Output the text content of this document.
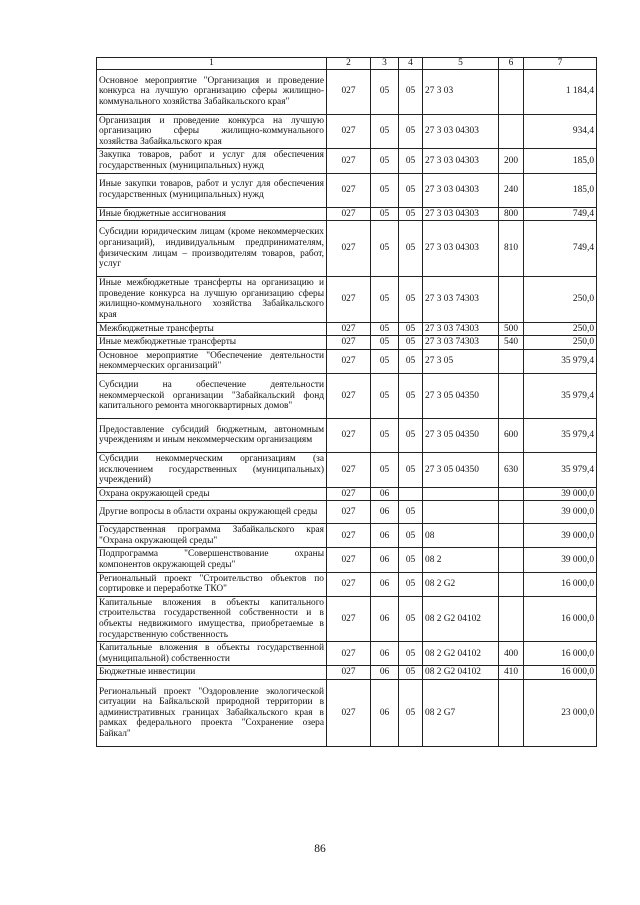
1	2	3	4	5	6	7
Основное мероприятие "Организация и проведение конкурса на лучшую организацию сферы жилищно-коммунального хозяйства Забайкальского края"	027	05	05	27 3 03		1 184,4
Организация и проведение конкурса на лучшую организацию сферы жилищно-коммунального хозяйства Забайкальского края	027	05	05	27 3 03 04303		934,4
Закупка товаров, работ и услуг для обеспечения государственных (муниципальных) нужд	027	05	05	27 3 03 04303	200	185,0
Иные закупки товаров, работ и услуг для обеспечения государственных (муниципальных) нужд	027	05	05	27 3 03 04303	240	185,0
Иные бюджетные ассигнования	027	05	05	27 3 03 04303	800	749,4
Субсидии юридическим лицам (кроме некоммерческих организаций), индивидуальным предпринимателям, физическим лицам – производителям товаров, работ, услуг	027	05	05	27 3 03 04303	810	749,4
Иные межбюджетные трансферты на организацию и проведение конкурса на лучшую организацию сферы жилищно-коммунального хозяйства Забайкальского края	027	05	05	27 3 03 74303		250,0
Межбюджетные трансферты	027	05	05	27 3 03 74303	500	250,0
Иные межбюджетные трансферты	027	05	05	27 3 03 74303	540	250,0
Основное мероприятие "Обеспечение деятельности некоммерческих организаций"	027	05	05	27 3 05		35 979,4
Субсидии на обеспечение деятельности некоммерческой организации "Забайкальский фонд капитального ремонта многоквартирных домов"	027	05	05	27 3 05 04350		35 979,4
Предоставление субсидий бюджетным, автономным учреждениям и иным некоммерческим организациям	027	05	05	27 3 05 04350	600	35 979,4
Субсидии некоммерческим организациям (за исключением государственных (муниципальных) учреждений)	027	05	05	27 3 05 04350	630	35 979,4
Охрана окружающей среды	027	06				39 000,0
Другие вопросы в области охраны окружающей среды	027	06	05			39 000,0
Государственная программа Забайкальского края "Охрана окружающей среды"	027	06	05	08		39 000,0
Подпрограмма "Совершенствование охраны компонентов окружающей среды"	027	06	05	08 2		39 000,0
Региональный проект "Строительство объектов по сортировке и переработке ТКО"	027	06	05	08 2 G2		16 000,0
Капитальные вложения в объекты капитального строительства государственной собственности и в объекты недвижимого имущества, приобретаемые в государственную собственность	027	06	05	08 2 G2 04102		16 000,0
Капитальные вложения в объекты государственной (муниципальной) собственности	027	06	05	08 2 G2 04102	400	16 000,0
Бюджетные инвестиции	027	06	05	08 2 G2 04102	410	16 000,0
Региональный проект "Оздоровление экологической ситуации на Байкальской природной территории в административных границах Забайкальского края в рамках федерального проекта "Сохранение озера Байкал"	027	06	05	08 2 G7		23 000,0
86
